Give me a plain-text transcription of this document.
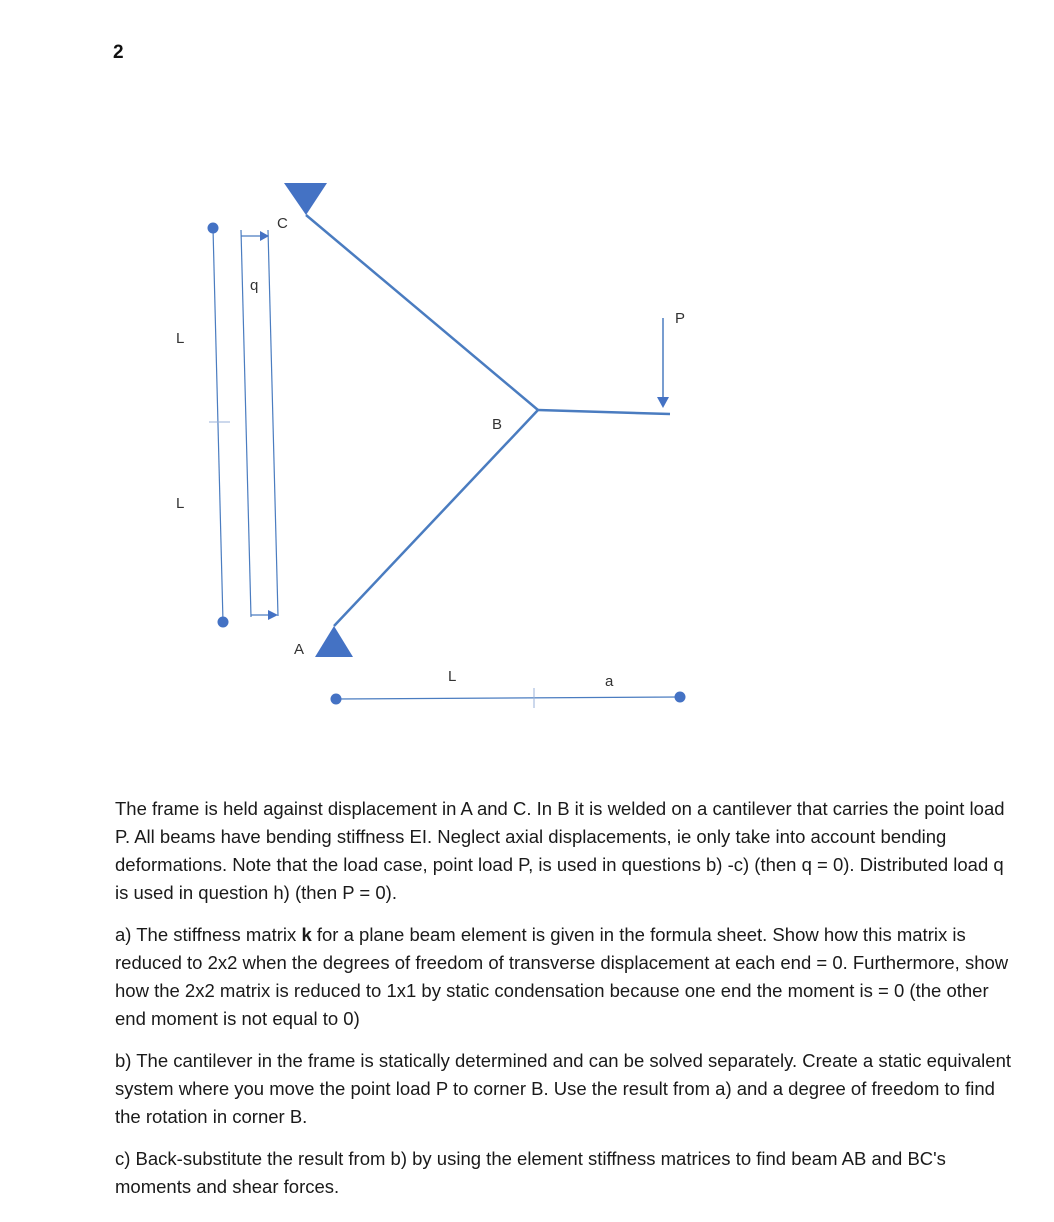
2
C
q
P
L
B
L
A
L	a

The frame is held against displacement in A and C. In B it is welded on a cantilever that carries the point load P. All beams have bending stiffness EI. Neglect axial displacements, ie only take into account bending deformations. Note that the load case, point load P, is used in questions b) -c) (then q = 0). Distributed load q is used in question h) (then P = 0).

a) The stiffness matrix k for a plane beam element is given in the formula sheet. Show how this matrix is reduced to 2x2 when the degrees of freedom of transverse displacement at each end = 0. Furthermore, show how the 2x2 matrix is reduced to 1x1 by static condensation because one end the moment is = 0 (the other end moment is not equal to 0)

b) The cantilever in the frame is statically determined and can be solved separately. Create a static equivalent system where you move the point load P to corner B. Use the result from a) and a degree of freedom to find the rotation in corner B.

c) Back-substitute the result from b) by using the element stiffness matrices to find beam AB and BC's moments and shear forces.
